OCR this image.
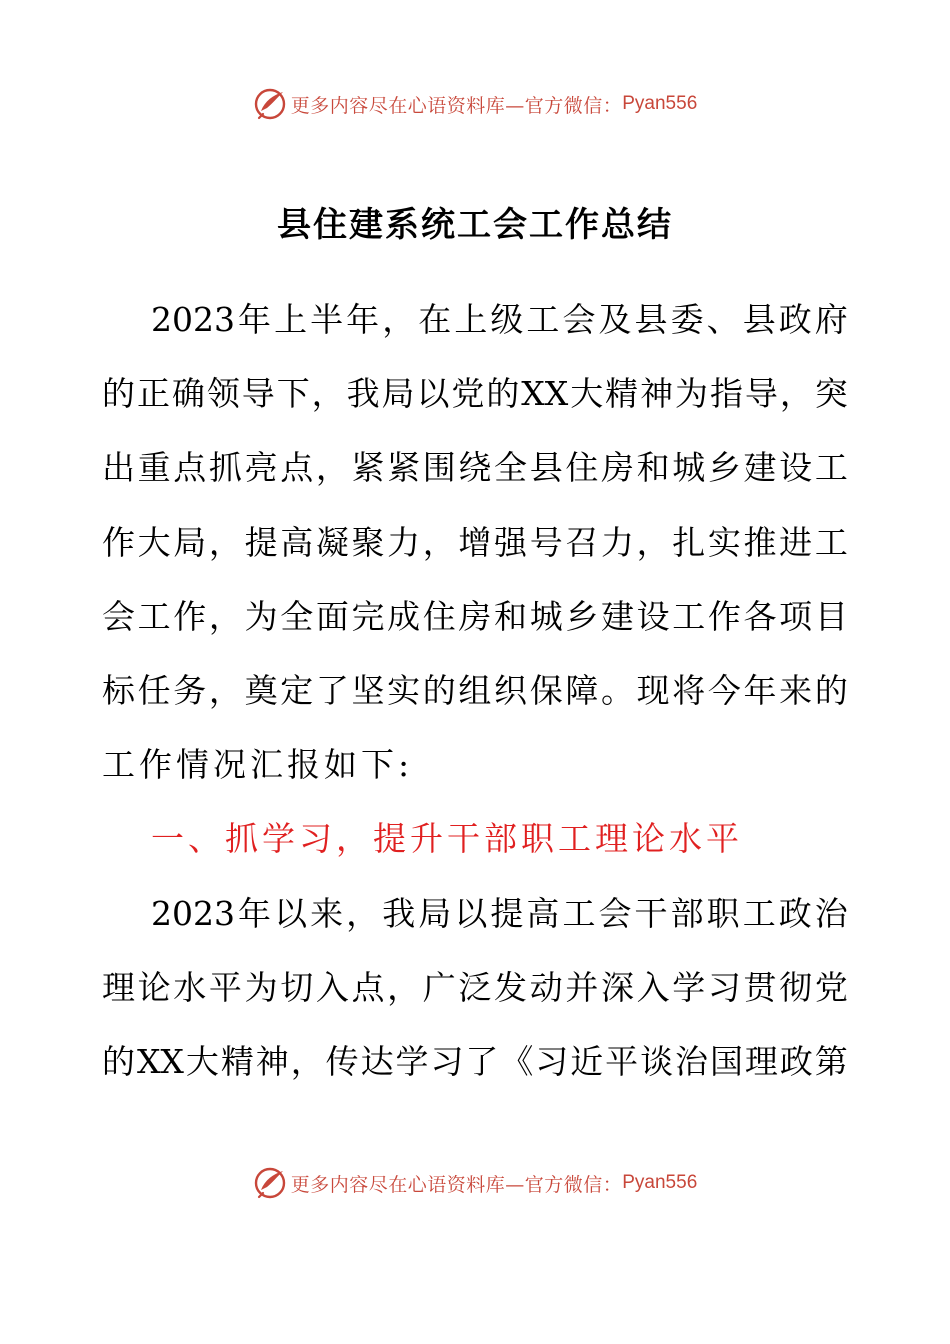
更多内容尽在心语资料库—官方微信： Pyan556
县住建系统工会工作总结
2023 年 上 半 年 ， 在 上 级 工 会 及 县 委 、 县 政 府
的 正 确 领 导 下 ， 我 局 以 党 的 XX 大 精 神 为 指 导 ， 突
出 重 点 抓 亮 点 ， 紧 紧 围 绕 全 县 住 房 和 城 乡 建 设 工
作 大 局 ， 提 高 凝 聚 力 ， 增 强 号 召 力 ， 扎 实 推 进 工
会 工 作 ， 为 全 面 完 成 住 房 和 城 乡 建 设 工 作 各 项 目
标 任 务 ， 奠 定 了 坚 实 的 组 织 保 障 。 现 将 今 年 来 的
工作情况汇报如下:
一、抓学习，提升干部职工理论水平
2023 年 以 来 ， 我 局 以 提 高 工 会 干 部 职 工 政 治
理 论 水 平 为 切 入 点 ， 广 泛 发 动 并 深 入 学 习 贯 彻 党
的 XX 大 精 神 ， 传 达 学 习 了 《 习 近 平 谈 治 国 理 政 第
更多内容尽在心语资料库—官方微信： Pyan556
